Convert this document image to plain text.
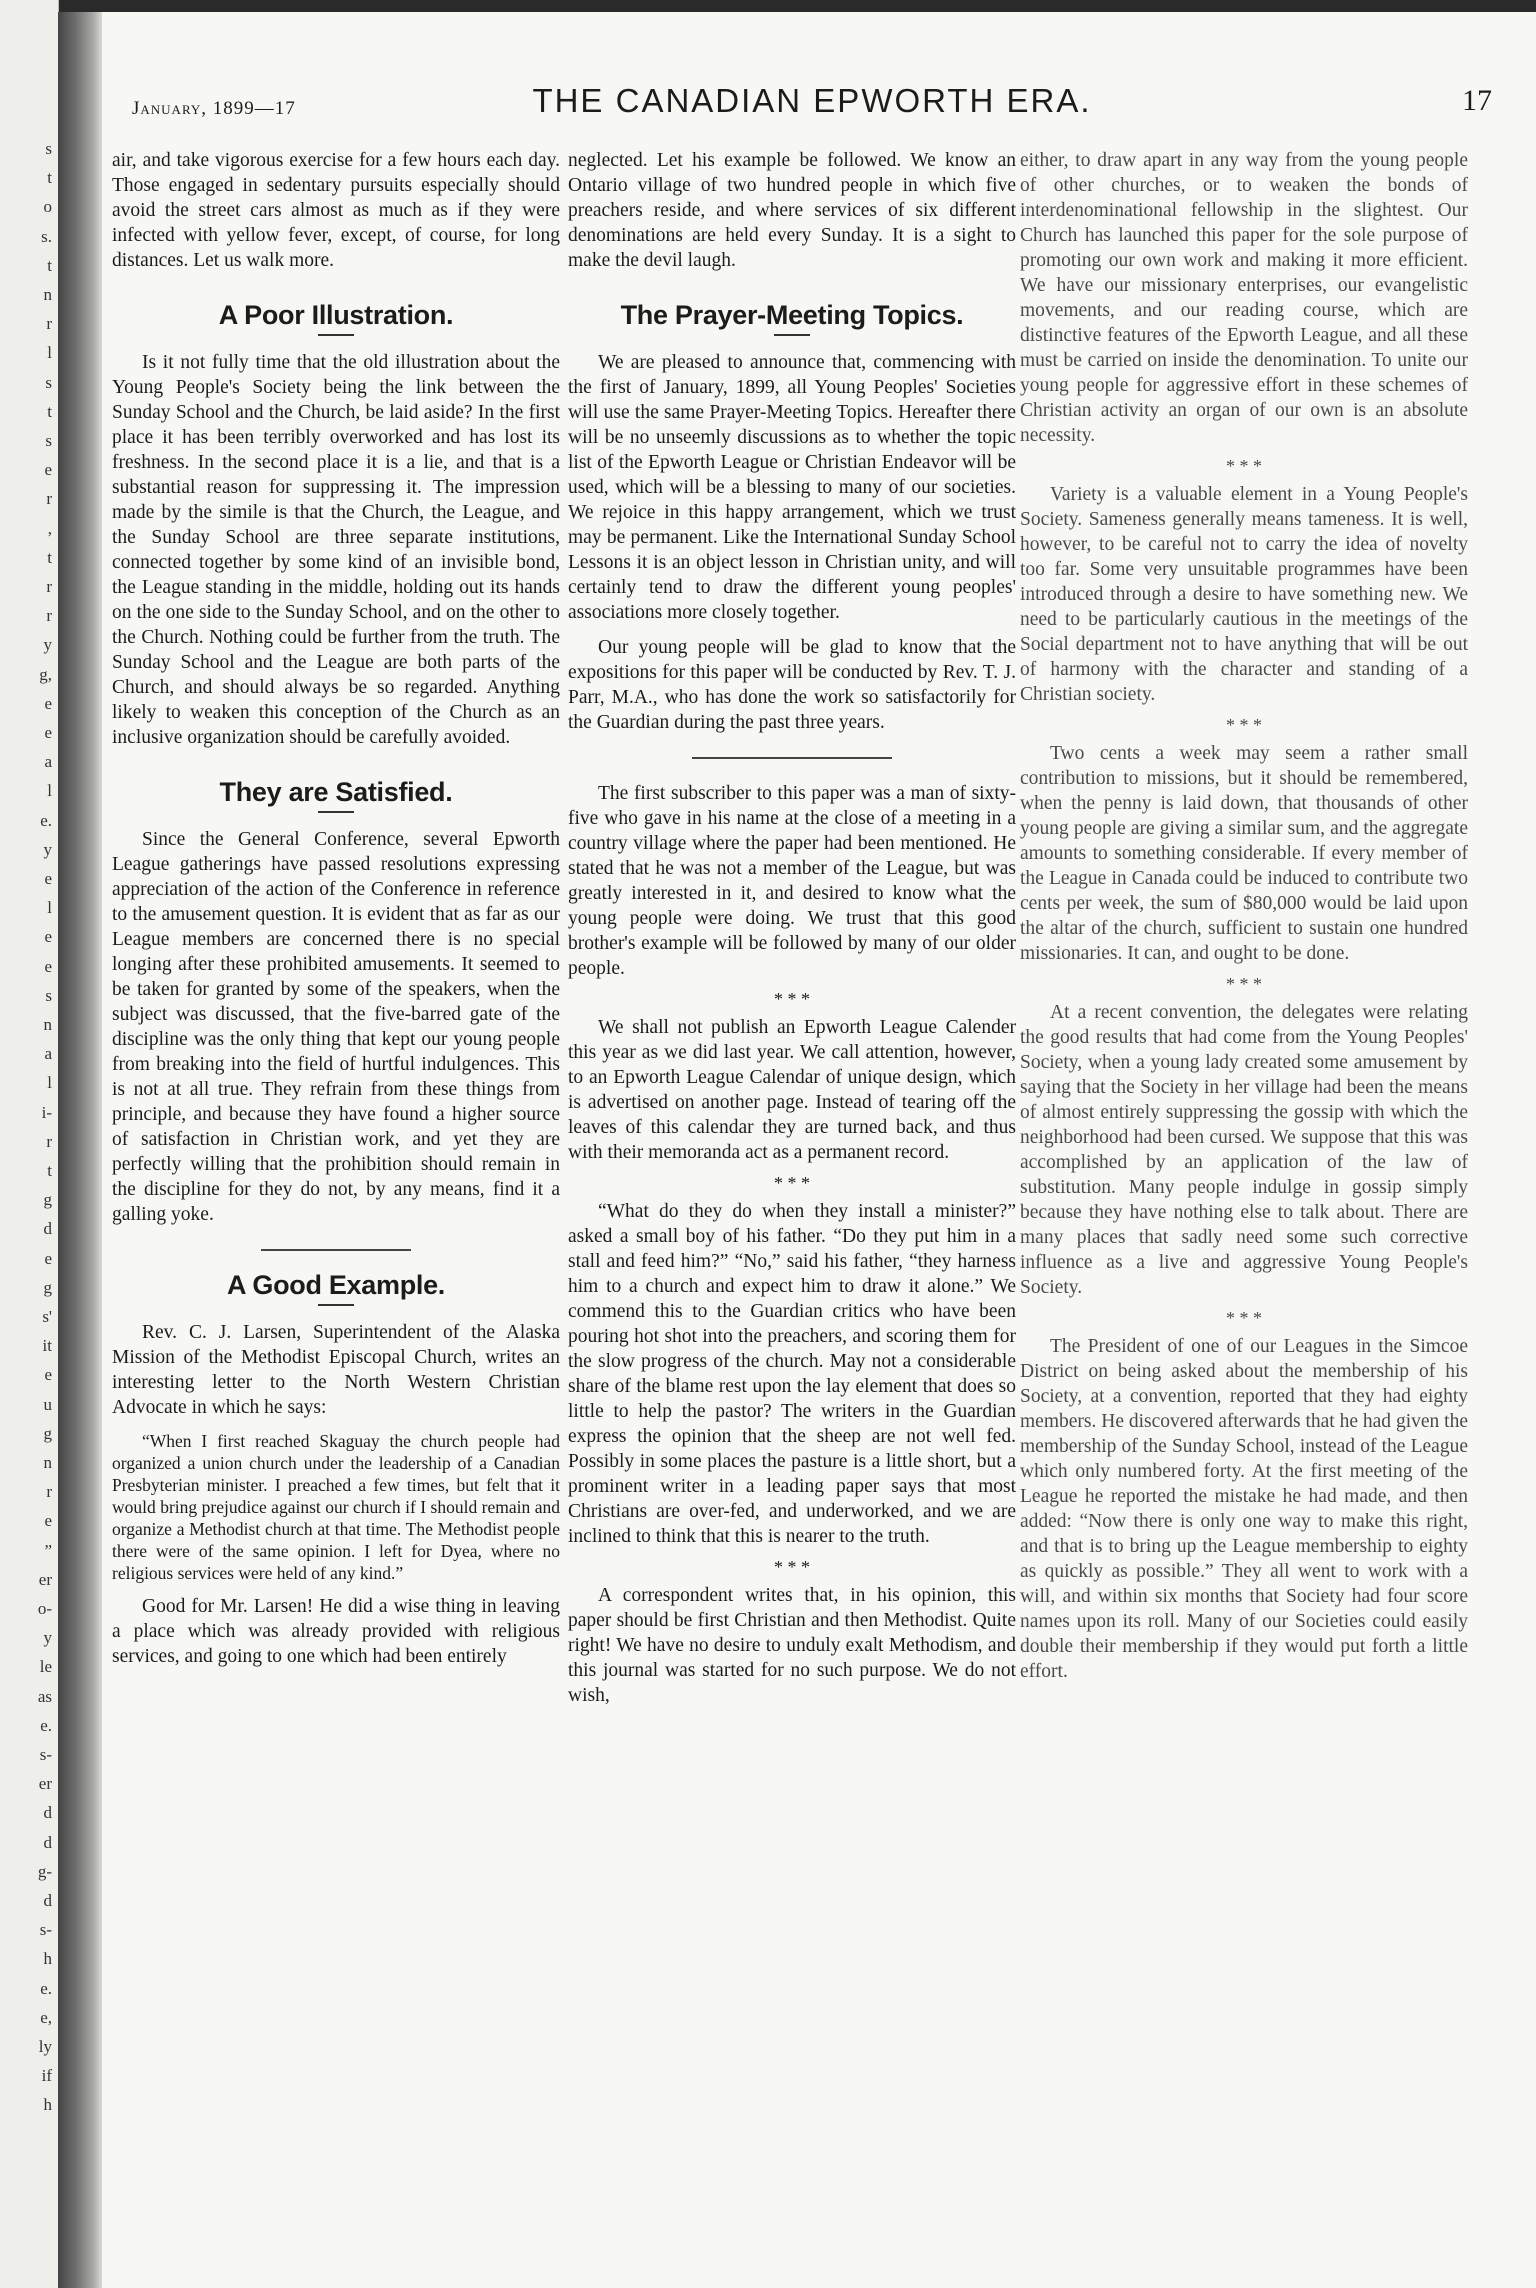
s
t
o
s.
t
n
r
l
s
t
s
e
r
,
t
r
r
y
g,
e
e
a
l
e.
y
e
l
e
e
s
n
a
l
i-
r
t
g
d
e
g
s'
it
e
u
g
n
r
e
”
er
o-
y
le
as
e.
s-
er
d
d
g-
d
s-
h
e.
e,
ly
if
h
January, 1899—17	THE CANADIAN EPWORTH ERA.	17

air, and take vigorous exercise for a few hours each day. Those engaged in sedentary pursuits especially should avoid the street cars almost as much as if they were infected with yellow fever, except, of course, for long distances. Let us walk more.

A Poor Illustration.

Is it not fully time that the old illustration about the Young People's Society being the link between the Sunday School and the Church, be laid aside? In the first place it has been terribly overworked and has lost its freshness. In the second place it is a lie, and that is a substantial reason for suppressing it. The impression made by the simile is that the Church, the League, and the Sunday School are three separate institutions, connected together by some kind of an invisible bond, the League standing in the middle, holding out its hands on the one side to the Sunday School, and on the other to the Church. Nothing could be further from the truth. The Sunday School and the League are both parts of the Church, and should always be so regarded. Anything likely to weaken this conception of the Church as an inclusive organization should be carefully avoided.

They are Satisfied.

Since the General Conference, several Epworth League gatherings have passed resolutions expressing appreciation of the action of the Conference in reference to the amusement question. It is evident that as far as our League members are concerned there is no special longing after these prohibited amusements. It seemed to be taken for granted by some of the speakers, when the subject was discussed, that the five-barred gate of the discipline was the only thing that kept our young people from breaking into the field of hurtful indulgences. This is not at all true. They refrain from these things from principle, and because they have found a higher source of satisfaction in Christian work, and yet they are perfectly willing that the prohibition should remain in the discipline for they do not, by any means, find it a galling yoke.

A Good Example.

Rev. C. J. Larsen, Superintendent of the Alaska Mission of the Methodist Episcopal Church, writes an interesting letter to the North Western Christian Advocate in which he says:

“When I first reached Skaguay the church people had organized a union church under the leadership of a Canadian Presbyterian minister. I preached a few times, but felt that it would bring prejudice against our church if I should remain and organize a Methodist church at that time. The Methodist people there were of the same opinion. I left for Dyea, where no religious services were held of any kind.”

Good for Mr. Larsen! He did a wise thing in leaving a place which was already provided with religious services, and going to one which had been entirely

neglected. Let his example be followed. We know an Ontario village of two hundred people in which five preachers reside, and where services of six different denominations are held every Sunday. It is a sight to make the devil laugh.

The Prayer-Meeting Topics.

We are pleased to announce that, commencing with the first of January, 1899, all Young Peoples' Societies will use the same Prayer-Meeting Topics. Hereafter there will be no unseemly discussions as to whether the topic list of the Epworth League or Christian Endeavor will be used, which will be a blessing to many of our societies. We rejoice in this happy arrangement, which we trust may be permanent. Like the International Sunday School Lessons it is an object lesson in Christian unity, and will certainly tend to draw the different young peoples' associations more closely together.

Our young people will be glad to know that the expositions for this paper will be conducted by Rev. T. J. Parr, M.A., who has done the work so satisfactorily for the Guardian during the past three years.

The first subscriber to this paper was a man of sixty-five who gave in his name at the close of a meeting in a country village where the paper had been mentioned. He stated that he was not a member of the League, but was greatly interested in it, and desired to know what the young people were doing. We trust that this good brother's example will be followed by many of our older people.

* * *

We shall not publish an Epworth League Calender this year as we did last year. We call attention, however, to an Epworth League Calendar of unique design, which is advertised on another page. Instead of tearing off the leaves of this calendar they are turned back, and thus with their memoranda act as a permanent record.

* * *

“What do they do when they install a minister?” asked a small boy of his father. “Do they put him in a stall and feed him?” “No,” said his father, “they harness him to a church and expect him to draw it alone.” We commend this to the Guardian critics who have been pouring hot shot into the preachers, and scoring them for the slow progress of the church. May not a considerable share of the blame rest upon the lay element that does so little to help the pastor? The writers in the Guardian express the opinion that the sheep are not well fed. Possibly in some places the pasture is a little short, but a prominent writer in a leading paper says that most Christians are over-fed, and underworked, and we are inclined to think that this is nearer to the truth.

* * *

A correspondent writes that, in his opinion, this paper should be first Christian and then Methodist. Quite right! We have no desire to unduly exalt Methodism, and this journal was started for no such purpose. We do not wish,

either, to draw apart in any way from the young people of other churches, or to weaken the bonds of interdenominational fellowship in the slightest. Our Church has launched this paper for the sole purpose of promoting our own work and making it more efficient. We have our missionary enterprises, our evangelistic movements, and our reading course, which are distinctive features of the Epworth League, and all these must be carried on inside the denomination. To unite our young people for aggressive effort in these schemes of Christian activity an organ of our own is an absolute necessity.

* * *

Variety is a valuable element in a Young People's Society. Sameness generally means tameness. It is well, however, to be careful not to carry the idea of novelty too far. Some very unsuitable programmes have been introduced through a desire to have something new. We need to be particularly cautious in the meetings of the Social department not to have anything that will be out of harmony with the character and standing of a Christian society.

* * *

Two cents a week may seem a rather small contribution to missions, but it should be remembered, when the penny is laid down, that thousands of other young people are giving a similar sum, and the aggregate amounts to something considerable. If every member of the League in Canada could be induced to contribute two cents per week, the sum of $80,000 would be laid upon the altar of the church, sufficient to sustain one hundred missionaries. It can, and ought to be done.

* * *

At a recent convention, the delegates were relating the good results that had come from the Young Peoples' Society, when a young lady created some amusement by saying that the Society in her village had been the means of almost entirely suppressing the gossip with which the neighborhood had been cursed. We suppose that this was accomplished by an application of the law of substitution. Many people indulge in gossip simply because they have nothing else to talk about. There are many places that sadly need some such corrective influence as a live and aggressive Young People's Society.

* * *

The President of one of our Leagues in the Simcoe District on being asked about the membership of his Society, at a convention, reported that they had eighty members. He discovered afterwards that he had given the membership of the Sunday School, instead of the League which only numbered forty. At the first meeting of the League he reported the mistake he had made, and then added: “Now there is only one way to make this right, and that is to bring up the League membership to eighty as quickly as possible.” They all went to work with a will, and within six months that Society had four score names upon its roll. Many of our Societies could easily double their membership if they would put forth a little effort.
